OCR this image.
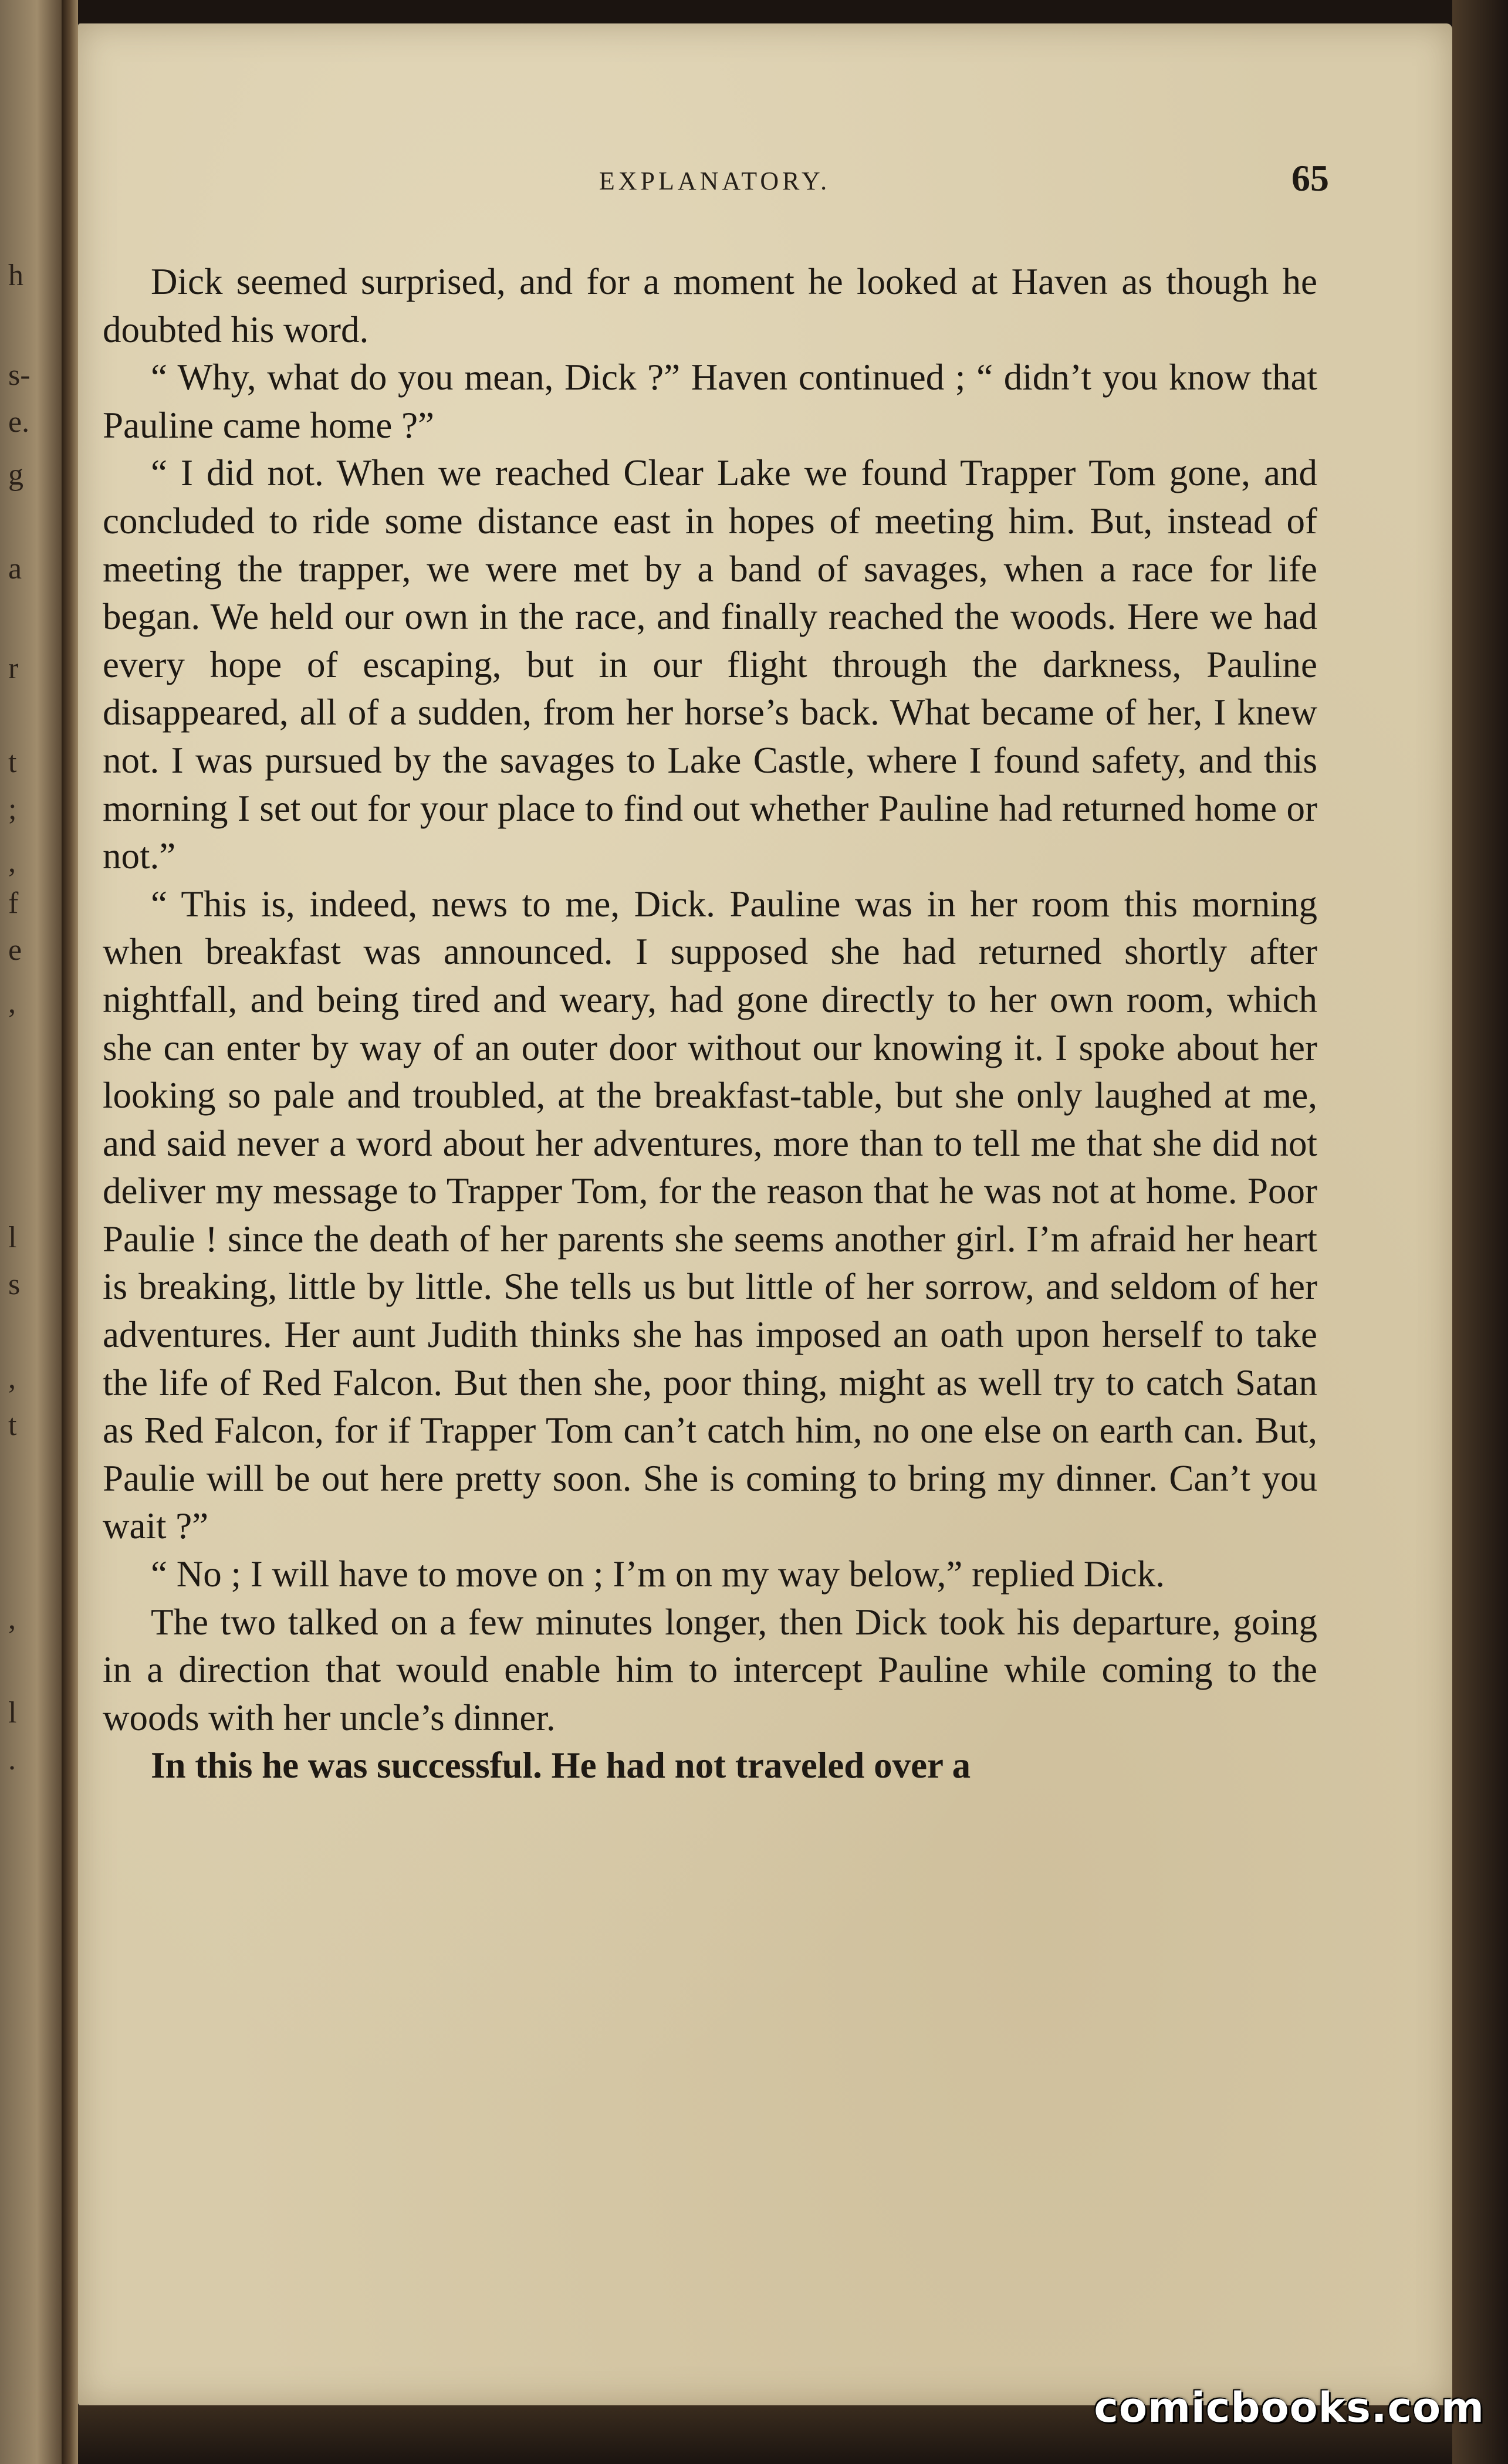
h
s-
e.
g
a
r
t
;
,
f
e
,
l
s
,
t
,
l
.
EXPLANATORY.	65

Dick seemed surprised, and for a moment he looked at Haven as though he doubted his word.

“ Why, what do you mean, Dick ?” Haven continued ; “ didn’t you know that Pauline came home ?”

“ I did not. When we reached Clear Lake we found Trapper Tom gone, and concluded to ride some distance east in hopes of meeting him. But, instead of meeting the trapper, we were met by a band of savages, when a race for life began. We held our own in the race, and finally reached the woods. Here we had every hope of escaping, but in our flight through the darkness, Pauline disappeared, all of a sudden, from her horse’s back. What became of her, I knew not. I was pursued by the savages to Lake Castle, where I found safety, and this morning I set out for your place to find out whether Pauline had returned home or not.”

“ This is, indeed, news to me, Dick. Pauline was in her room this morning when breakfast was announced. I supposed she had returned shortly after nightfall, and being tired and weary, had gone directly to her own room, which she can enter by way of an outer door without our knowing it. I spoke about her looking so pale and troubled, at the breakfast-table, but she only laughed at me, and said never a word about her adventures, more than to tell me that she did not deliver my message to Trapper Tom, for the reason that he was not at home. Poor Paulie ! since the death of her parents she seems another girl. I’m afraid her heart is breaking, little by little. She tells us but little of her sorrow, and seldom of her adventures. Her aunt Judith thinks she has imposed an oath upon herself to take the life of Red Falcon. But then she, poor thing, might as well try to catch Satan as Red Falcon, for if Trapper Tom can’t catch him, no one else on earth can. But, Paulie will be out here pretty soon. She is coming to bring my dinner. Can’t you wait ?”

“ No ; I will have to move on ; I’m on my way below,” replied Dick.

The two talked on a few minutes longer, then Dick took his departure, going in a direction that would enable him to intercept Pauline while coming to the woods with her uncle’s dinner.

In this he was successful. He had not traveled over a

comicbooks.com
